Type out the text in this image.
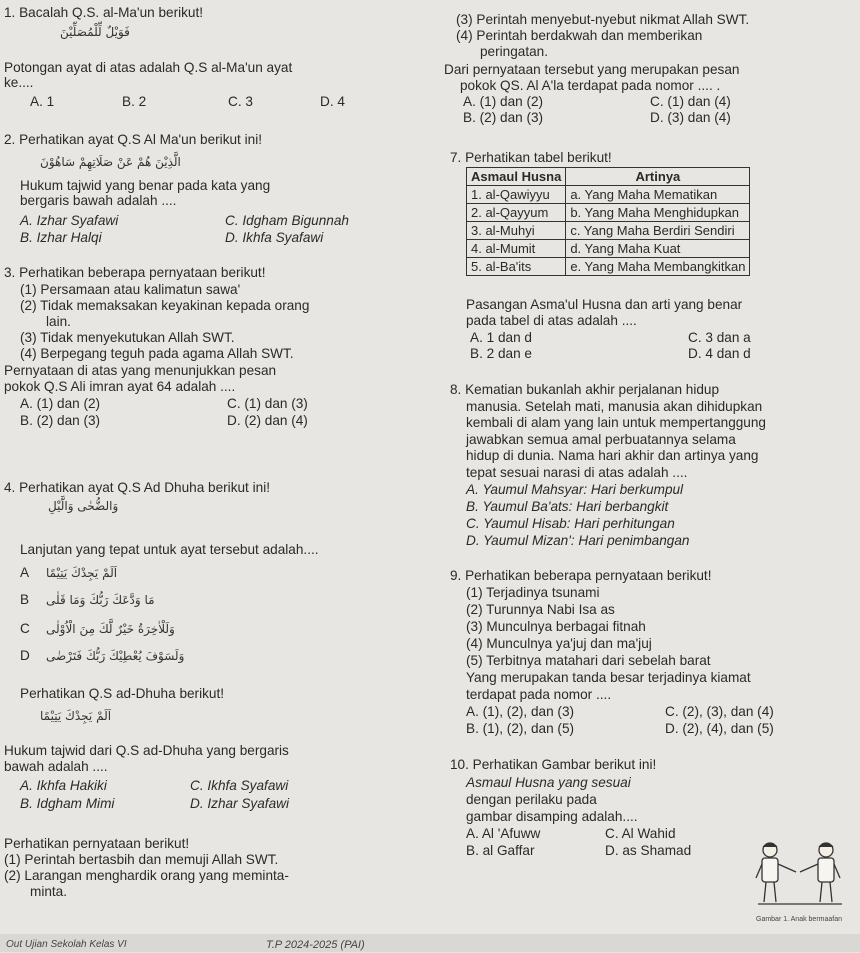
1. Bacalah Q.S. al-Ma'un berikut!
فَوَيْلٌ لِّلْمُصَلِّيْنَ
Potongan ayat di atas adalah Q.S al-Ma'un ayat
ke....
A. 1	B. 2	C. 3	D. 4
2. Perhatikan ayat Q.S Al Ma'un berikut ini!
الَّذِيْنَ هُمْ عَنْ صَلَاتِهِمْ سَاهُوْنَ
Hukum tajwid yang benar pada kata yang
bergaris bawah adalah ....
A. Izhar Syafawi
B. Izhar Halqi
C. Idgham Bigunnah
D. Ikhfa Syafawi
3. Perhatikan beberapa pernyataan berikut!
(1) Persamaan atau kalimatun sawa'
(2) Tidak memaksakan keyakinan kepada orang
lain.
(3) Tidak menyekutukan Allah SWT.
(4) Berpegang teguh pada agama Allah SWT.
Pernyataan di atas yang menunjukkan pesan
pokok Q.S Ali imran ayat 64 adalah ....
A. (1) dan (2)
B. (2) dan (3)
C. (1) dan (3)
D. (2) dan (4)
4. Perhatikan ayat Q.S Ad Dhuha berikut ini!
وَالضُّحٰى وَالَّيْلِ
Lanjutan yang tepat untuk ayat tersebut adalah....
A اَلَمْ يَجِدْكَ يَتِيْمًا
B مَا وَدَّعَكَ رَبُّكَ وَمَا قَلٰى
C وَلَلْاٰخِرَةُ خَيْرٌ لَّكَ مِنَ الْاُوْلٰى
D وَلَسَوْفَ يُعْطِيْكَ رَبُّكَ فَتَرْضٰى
Perhatikan Q.S ad-Dhuha berikut!
اَلَمْ يَجِدْكَ يَتِيْمًا
Hukum tajwid dari Q.S ad-Dhuha yang bergaris
bawah adalah ....
A. Ikhfa Hakiki
B. Idgham Mimi
C. Ikhfa Syafawi
D. Izhar Syafawi
Perhatikan pernyataan berikut!
(1) Perintah bertasbih dan memuji Allah SWT.
(2) Larangan menghardik orang yang meminta-
minta.
(3) Perintah menyebut-nyebut nikmat Allah SWT.
(4) Perintah berdakwah dan memberikan
peringatan.
Dari pernyataan tersebut yang merupakan pesan
pokok QS. Al A'la terdapat pada nomor .... .
A. (1) dan (2)
B. (2) dan (3)
C. (1) dan (4)
D. (3) dan (4)
7. Perhatikan tabel berikut!
Asmaul Husna	Artinya
1. al-Qawiyyu	a. Yang Maha Mematikan
2. al-Qayyum	b. Yang Maha Menghidupkan
3. al-Muhyi	c. Yang Maha Berdiri Sendiri
4. al-Mumit	d. Yang Maha Kuat
5. al-Ba'its	e. Yang Maha Membangkitkan
Pasangan Asma'ul Husna dan arti yang benar
pada tabel di atas adalah ....
A. 1 dan d
B. 2 dan e
C. 3 dan a
D. 4 dan d
8. Kematian bukanlah akhir perjalanan hidup
manusia. Setelah mati, manusia akan dihidupkan
kembali di alam yang lain untuk mempertanggung
jawabkan semua amal perbuatannya selama
hidup di dunia. Nama hari akhir dan artinya yang
tepat sesuai narasi di atas adalah ....
A. Yaumul Mahsyar: Hari berkumpul
B. Yaumul Ba'ats: Hari berbangkit
C. Yaumul Hisab: Hari perhitungan
D. Yaumul Mizan': Hari penimbangan
9. Perhatikan beberapa pernyataan berikut!
(1) Terjadinya tsunami
(2) Turunnya Nabi Isa as
(3) Munculnya berbagai fitnah
(4) Munculnya ya'juj dan ma'juj
(5) Terbitnya matahari dari sebelah barat
Yang merupakan tanda besar terjadinya kiamat
terdapat pada nomor ....
A. (1), (2), dan (3)
B. (1), (2), dan (5)
C. (2), (3), dan (4)
D. (2), (4), dan (5)
10. Perhatikan Gambar berikut ini!
Asmaul Husna yang sesuai
dengan perilaku pada
gambar disamping adalah....
A. Al 'Afuww
B. al Gaffar
C. Al Wahid
D. as Shamad
Gambar 1. Anak bermaafan
Out Ujian Sekolah Kelas VI	T.P 2024-2025 (PAI)
